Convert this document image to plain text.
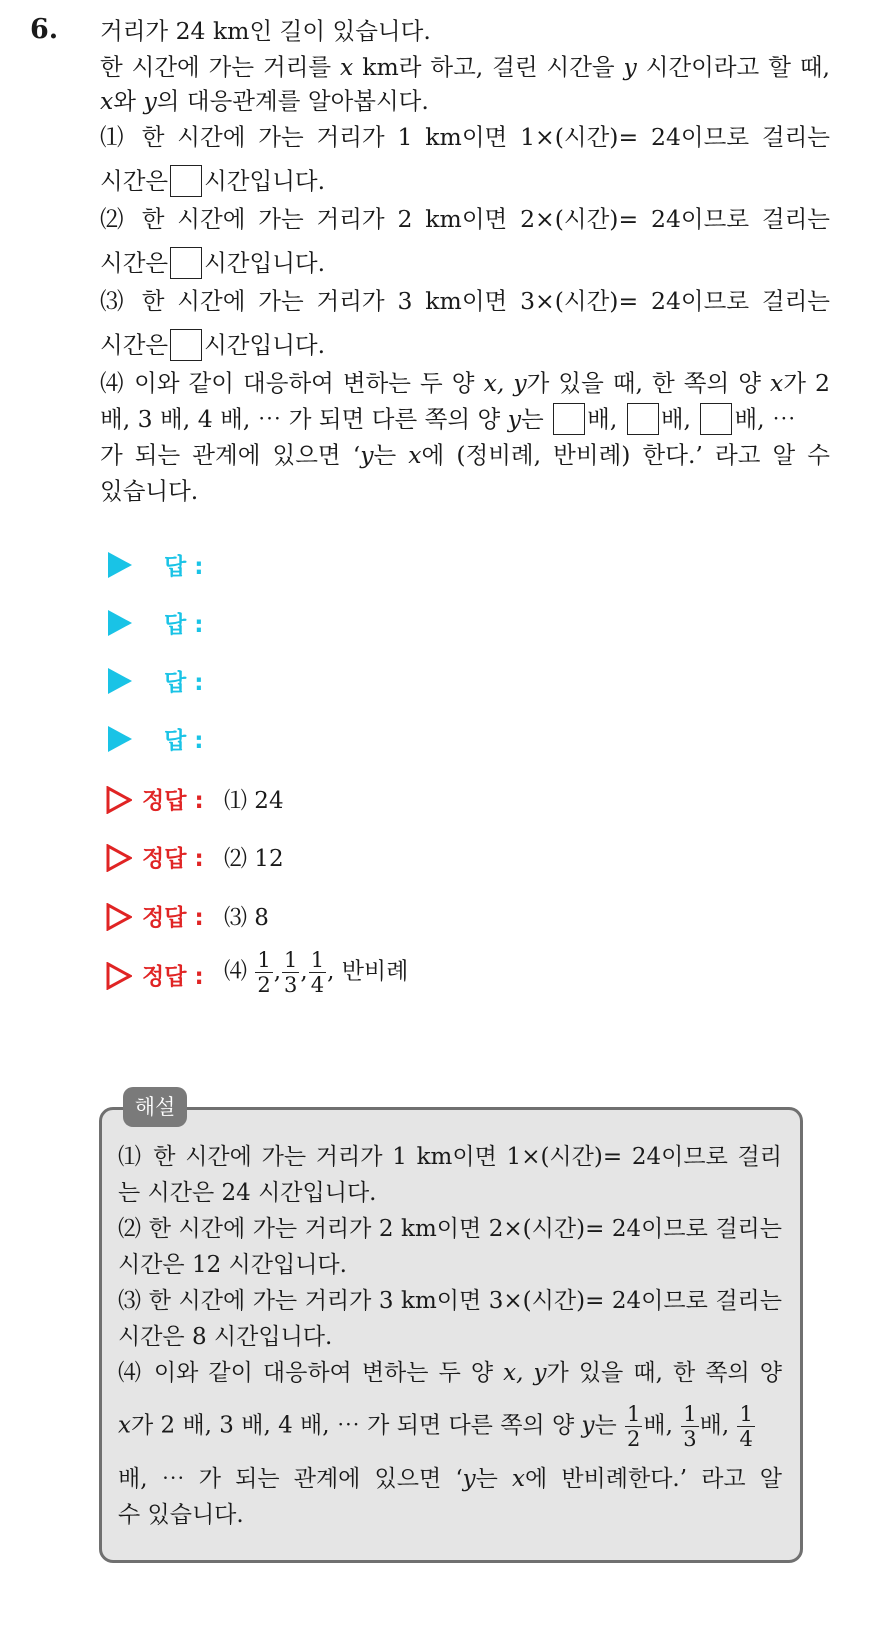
6. 거리가 24 km인 길이 있습니다.
한 시간에 가는 거리를 x km라 하고, 걸린 시간을 y 시간이라고 할 때,
x와 y의 대응관계를 알아봅시다.
⑴ 한 시간에 가는 거리가 1 km이면 1×(시간)= 24이므로 걸리는
시간은 시간입니다.
⑵ 한 시간에 가는 거리가 2 km이면 2×(시간)= 24이므로 걸리는
시간은 시간입니다.
⑶ 한 시간에 가는 거리가 3 km이면 3×(시간)= 24이므로 걸리는
시간은 시간입니다.
⑷ 이와 같이 대응하여 변하는 두 양 x, y가 있을 때, 한 쪽의 양 x가 2
배, 3 배, 4 배, ⋯ 가 되면 다른 쪽의 양 y는 배, 배, 배, ⋯
가 되는 관계에 있으면 ‘y는 x에 (정비례, 반비례) 한다.’ 라고 알 수
있습니다.
답 :
답 :
답 :
답 :
정답 : ⑴ 24
정답 : ⑵ 12
정답 : ⑶ 8
정답 : ⑷ $\frac{1}{2}$ , $\frac{1}{3}$ , $\frac{1}{4}$ , 반비례
해설
⑴ 한 시간에 가는 거리가 1 km이면 1×(시간)= 24이므로 걸리
는 시간은 24 시간입니다.
⑵ 한 시간에 가는 거리가 2 km이면 2×(시간)= 24이므로 걸리는
시간은 12 시간입니다.
⑶ 한 시간에 가는 거리가 3 km이면 3×(시간)= 24이므로 걸리는
시간은 8 시간입니다.
⑷ 이와 같이 대응하여 변하는 두 양 x, y가 있을 때, 한 쪽의 양
x가 2 배, 3 배, 4 배, ⋯ 가 되면 다른 쪽의 양 y는 $\frac{1}{2}$ 배, $\frac{1}{3}$ 배, $\frac{1}{4}$
배, ⋯ 가 되는 관계에 있으면 ‘y는 x에 반비례한다.’ 라고 알
수 있습니다.
